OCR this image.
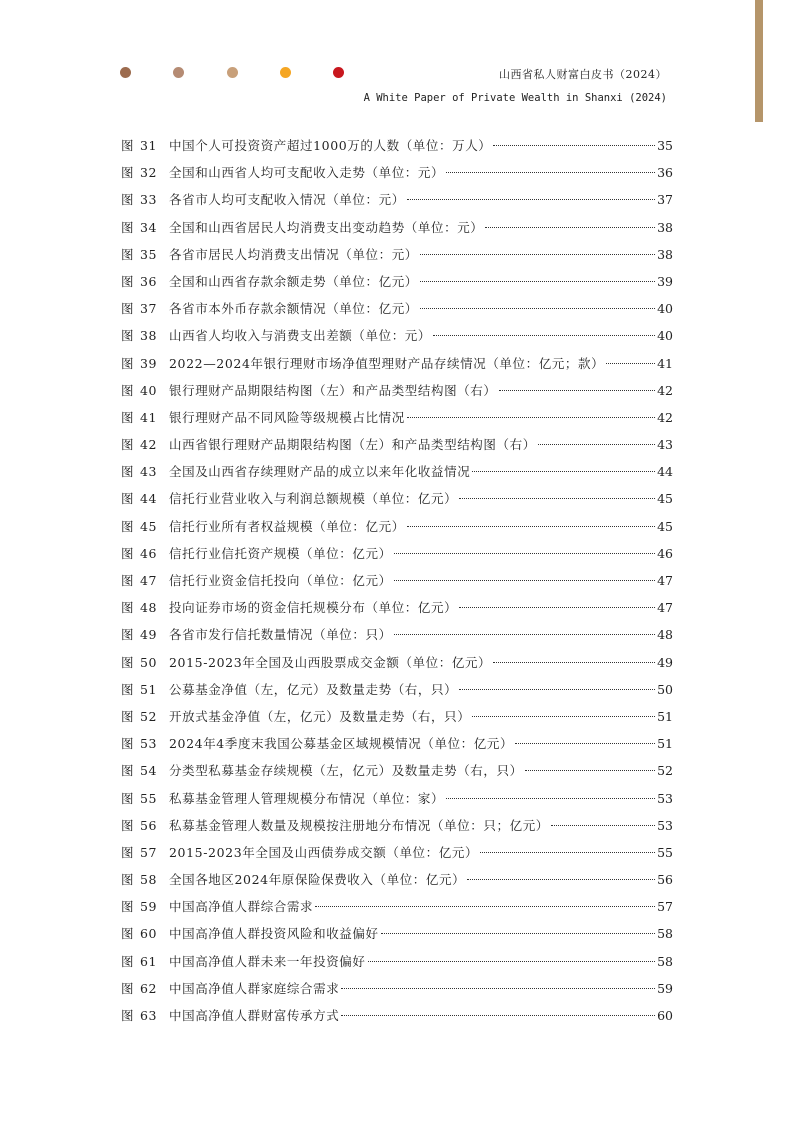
山西省私人财富白皮书（2024）
A White Paper of Private Wealth in Shanxi (2024)
图 31 中国个人可投资资产超过1000万的人数（单位：万人）	35
图 32 全国和山西省人均可支配收入走势（单位：元）	36
图 33 各省市人均可支配收入情况（单位：元）	37
图 34 全国和山西省居民人均消费支出变动趋势（单位：元）	38
图 35 各省市居民人均消费支出情况（单位：元）	38
图 36 全国和山西省存款余额走势（单位：亿元）	39
图 37 各省市本外币存款余额情况（单位：亿元）	40
图 38 山西省人均收入与消费支出差额（单位：元）	40
图 39 2022—2024年银行理财市场净值型理财产品存续情况（单位：亿元；款）	41
图 40 银行理财产品期限结构图（左）和产品类型结构图（右）	42
图 41 银行理财产品不同风险等级规模占比情况	42
图 42 山西省银行理财产品期限结构图（左）和产品类型结构图（右）	43
图 43 全国及山西省存续理财产品的成立以来年化收益情况	44
图 44 信托行业营业收入与利润总额规模（单位：亿元）	45
图 45 信托行业所有者权益规模（单位：亿元）	45
图 46 信托行业信托资产规模（单位：亿元）	46
图 47 信托行业资金信托投向（单位：亿元）	47
图 48 投向证券市场的资金信托规模分布（单位：亿元）	47
图 49 各省市发行信托数量情况（单位：只）	48
图 50 2015-2023年全国及山西股票成交金额（单位：亿元）	49
图 51 公募基金净值（左，亿元）及数量走势（右，只）	50
图 52 开放式基金净值（左，亿元）及数量走势（右，只）	51
图 53 2024年4季度末我国公募基金区域规模情况（单位：亿元）	51
图 54 分类型私募基金存续规模（左，亿元）及数量走势（右，只）	52
图 55 私募基金管理人管理规模分布情况（单位：家）	53
图 56 私募基金管理人数量及规模按注册地分布情况（单位：只；亿元）	53
图 57 2015-2023年全国及山西债券成交额（单位：亿元）	55
图 58 全国各地区2024年原保险保费收入（单位：亿元）	56
图 59 中国高净值人群综合需求	57
图 60 中国高净值人群投资风险和收益偏好	58
图 61 中国高净值人群未来一年投资偏好	58
图 62 中国高净值人群家庭综合需求	59
图 63 中国高净值人群财富传承方式	60
